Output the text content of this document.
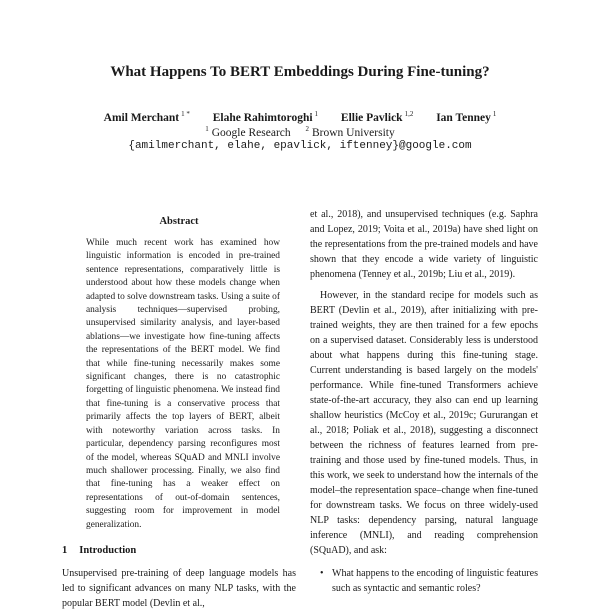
What Happens To BERT Embeddings During Fine-tuning?
Amil Merchant $^{1 *}$ Elahe Rahimtoroghi $^1$ Ellie Pavlick $^{1,2}$ Ian Tenney $^1$
$^1$ Google Research $^2$ Brown University
{amilmerchant, elahe, epavlick, iftenney}@google.com
Abstract
While much recent work has examined how linguistic information is encoded in pre-trained sentence representations, comparatively little is understood about how these models change when adapted to solve downstream tasks. Using a suite of analysis techniques—supervised probing, unsupervised similarity analysis, and layer-based ablations—we investigate how fine-tuning affects the representations of the BERT model. We find that while fine-tuning necessarily makes some significant changes, there is no catastrophic forgetting of linguistic phenomena. We instead find that fine-tuning is a conservative process that primarily affects the top layers of BERT, albeit with noteworthy variation across tasks. In particular, dependency parsing reconfigures most of the model, whereas SQuAD and MNLI involve much shallower processing. Finally, we also find that fine-tuning has a weaker effect on representations of out-of-domain sentences, suggesting room for improvement in model generalization.
1 Introduction

Unsupervised pre-training of deep language models has led to significant advances on many NLP tasks, with the popular BERT model (Devlin et al.,

et al., 2018), and unsupervised techniques (e.g. Saphra and Lopez, 2019; Voita et al., 2019a) have shed light on the representations from the pre-trained models and have shown that they encode a wide variety of linguistic phenomena (Tenney et al., 2019b; Liu et al., 2019).

However, in the standard recipe for models such as BERT (Devlin et al., 2019), after initializing with pre-trained weights, they are then trained for a few epochs on a supervised dataset. Considerably less is understood about what happens during this fine-tuning stage. Current understanding is based largely on the models' performance. While fine-tuned Transformers achieve state-of-the-art accuracy, they also can end up learning shallow heuristics (McCoy et al., 2019c; Gururangan et al., 2018; Poliak et al., 2018), suggesting a disconnect between the richness of features learned from pre-training and those used by fine-tuned models. Thus, in this work, we seek to understand how the internals of the model–the representation space–change when fine-tuned for downstream tasks. We focus on three widely-used NLP tasks: dependency parsing, natural language inference (MNLI), and reading comprehension (SQuAD), and ask:

• What happens to the encoding of linguistic features such as syntactic and semantic roles?
